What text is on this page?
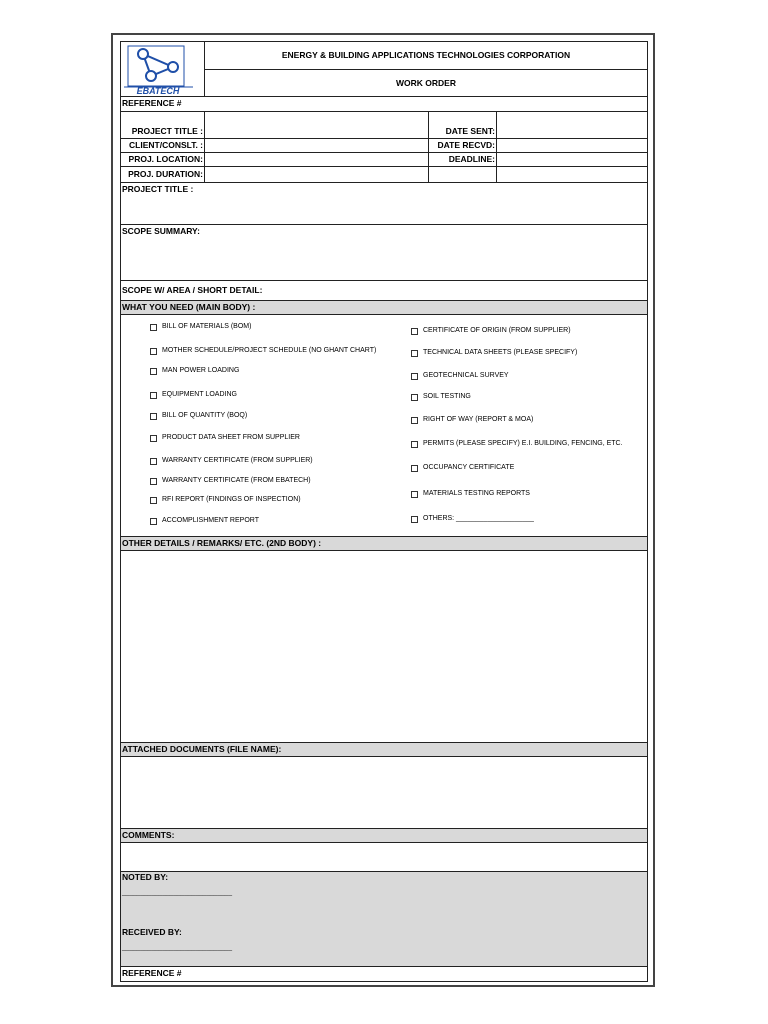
EBATECH
ENERGY & BUILDING APPLICATIONS TECHNOLOGIES CORPORATION
WORK ORDER
REFERENCE #
PROJECT TITLE :
CLIENT/CONSLT. :
PROJ. LOCATION:
PROJ. DURATION:
DATE SENT:
DATE RECVD:
DEADLINE:
PROJECT TITLE :
SCOPE SUMMARY:
SCOPE W/ AREA / SHORT DETAIL:
WHAT YOU NEED (MAIN BODY) :
BILL OF MATERIALS (BOM)
MOTHER SCHEDULE/PROJECT SCHEDULE (NO GHANT CHART)
MAN POWER LOADING
EQUIPMENT LOADING
BILL OF QUANTITY (BOQ)
PRODUCT DATA SHEET FROM SUPPLIER
WARRANTY CERTIFICATE (FROM SUPPLIER)
WARRANTY CERTIFICATE (FROM EBATECH)
RFI REPORT (FINDINGS OF INSPECTION)
ACCOMPLISHMENT REPORT
CERTIFICATE OF ORIGIN (FROM SUPPLIER)
TECHNICAL DATA SHEETS (PLEASE SPECIFY)
GEOTECHNICAL SURVEY
SOIL TESTING
RIGHT OF WAY (REPORT & MOA)
PERMITS (PLEASE SPECIFY) E.I. BUILDING, FENCING, ETC.
OCCUPANCY CERTIFICATE
MATERIALS TESTING REPORTS
OTHERS: ____________________
OTHER DETAILS / REMARKS/ ETC. (2ND BODY) :
ATTACHED DOCUMENTS (FILE NAME):
COMMENTS:
NOTED BY:
______________________________
RECEIVED BY:
______________________________
REFERENCE #
